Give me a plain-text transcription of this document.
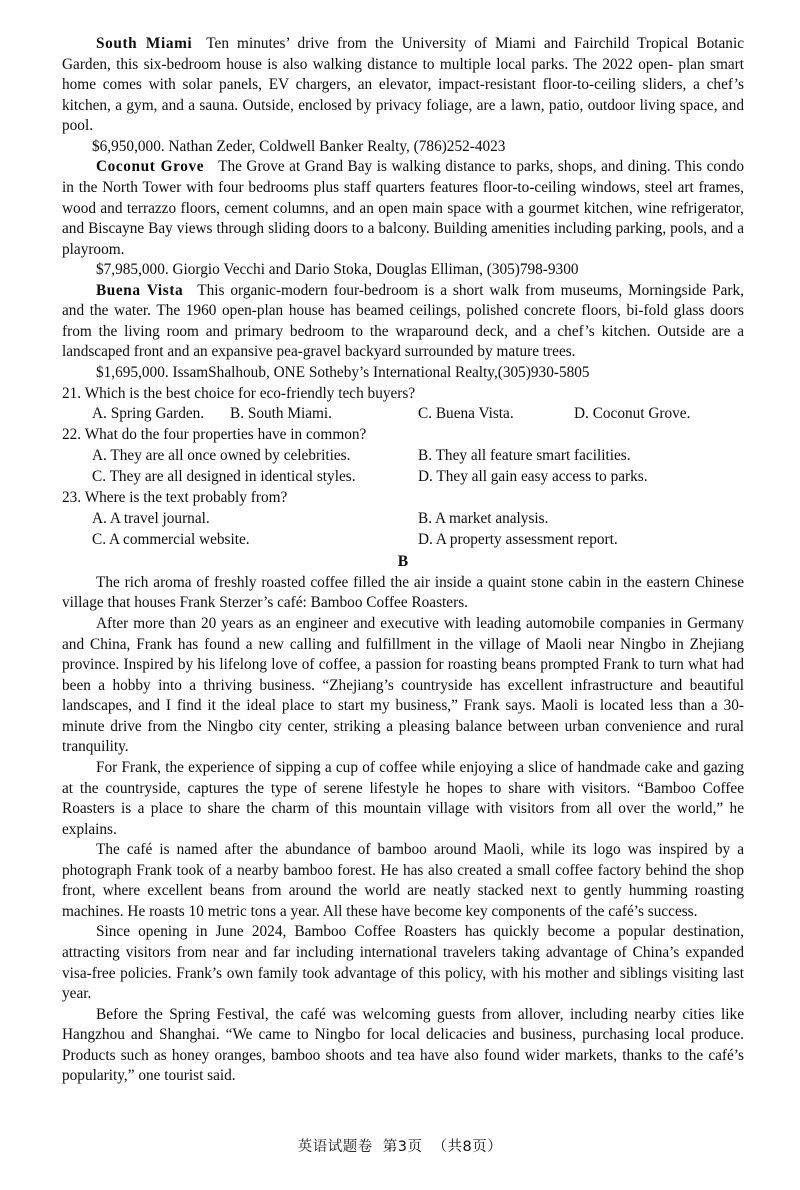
South Miami Ten minutes’ drive from the University of Miami and Fairchild Tropical Botanic Garden, this six-bedroom house is also walking distance to multiple local parks. The 2022 open- plan smart home comes with solar panels, EV chargers, an elevator, impact-resistant floor-to-ceiling sliders, a chef’s kitchen, a gym, and a sauna. Outside, enclosed by privacy foliage, are a lawn, patio, outdoor living space, and pool.

$6,950,000. Nathan Zeder, Coldwell Banker Realty, (786)252-4023

Coconut Grove The Grove at Grand Bay is walking distance to parks, shops, and dining. This condo in the North Tower with four bedrooms plus staff quarters features floor-to-ceiling windows, steel art frames, wood and terrazzo floors, cement columns, and an open main space with a gourmet kitchen, wine refrigerator, and Biscayne Bay views through sliding doors to a balcony. Building amenities including parking, pools, and a playroom.

$7,985,000. Giorgio Vecchi and Dario Stoka, Douglas Elliman, (305)798-9300

Buena Vista This organic-modern four-bedroom is a short walk from museums, Morningside Park, and the water. The 1960 open-plan house has beamed ceilings, polished concrete floors, bi-fold glass doors from the living room and primary bedroom to the wraparound deck, and a chef’s kitchen. Outside are a landscaped front and an expansive pea-gravel backyard surrounded by mature trees.

$1,695,000. IssamShalhoub, ONE Sotheby’s International Realty,(305)930-5805

21. Which is the best choice for eco-friendly tech buyers?

A. Spring Garden. B. South Miami.	C. Buena Vista.	D. Coconut Grove.

22. What do the four properties have in common?

A. They are all once owned by celebrities.	B. They all feature smart facilities.
C. They are all designed in identical styles.	D. They all gain easy access to parks.

23. Where is the text probably from?

A. A travel journal.	B. A market analysis.
C. A commercial website.	D. A property assessment report.
B

The rich aroma of freshly roasted coffee filled the air inside a quaint stone cabin in the eastern Chinese village that houses Frank Sterzer’s café: Bamboo Coffee Roasters.

After more than 20 years as an engineer and executive with leading automobile companies in Germany and China, Frank has found a new calling and fulfillment in the village of Maoli near Ningbo in Zhejiang province. Inspired by his lifelong love of coffee, a passion for roasting beans prompted Frank to turn what had been a hobby into a thriving business. “Zhejiang’s countryside has excellent infrastructure and beautiful landscapes, and I find it the ideal place to start my business,” Frank says. Maoli is located less than a 30-minute drive from the Ningbo city center, striking a pleasing balance between urban convenience and rural tranquility.

For Frank, the experience of sipping a cup of coffee while enjoying a slice of handmade cake and gazing at the countryside, captures the type of serene lifestyle he hopes to share with visitors. “Bamboo Coffee Roasters is a place to share the charm of this mountain village with visitors from all over the world,” he explains.

The café is named after the abundance of bamboo around Maoli, while its logo was inspired by a photograph Frank took of a nearby bamboo forest. He has also created a small coffee factory behind the shop front, where excellent beans from around the world are neatly stacked next to gently humming roasting machines. He roasts 10 metric tons a year. All these have become key components of the café’s success.

Since opening in June 2024, Bamboo Coffee Roasters has quickly become a popular destination, attracting visitors from near and far including international travelers taking advantage of China’s expanded visa-free policies. Frank’s own family took advantage of this policy, with his mother and siblings visiting last year.

Before the Spring Festival, the café was welcoming guests from allover, including nearby cities like Hangzhou and Shanghai. “We came to Ningbo for local delicacies and business, purchasing local produce. Products such as honey oranges, bamboo shoots and tea have also found wider markets, thanks to the café’s popularity,” one tourist said.

英语试题卷 第3页 （共8页）
